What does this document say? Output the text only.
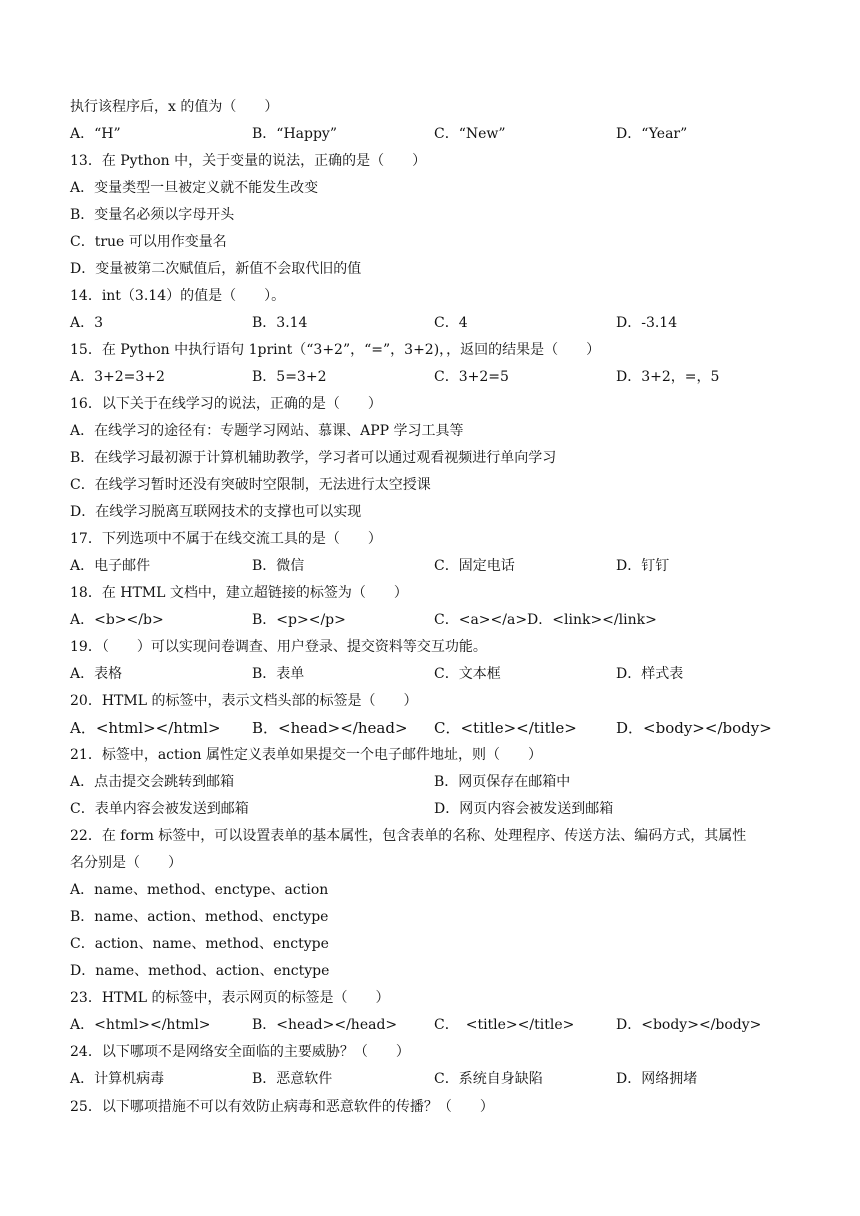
执行该程序后，x 的值为（　　）
A．“H”	B．“Happy”	C．“New”	D．“Year”
13．在 Python 中，关于变量的说法，正确的是（　　）
A．变量类型一旦被定义就不能发生改变
B．变量名必须以字母开头
C．true 可以用作变量名
D．变量被第二次赋值后，新值不会取代旧的值
14．int（3.14）的值是（　　）。
A．3	B．3.14	C．4	D．-3.14
15．在 Python 中执行语句 1print（“3+2”，“=”，3+2)，，返回的结果是（　　）
A．3+2=3+2	B．5=3+2	C．3+2=5	D．3+2，=，5
16．以下关于在线学习的说法，正确的是（　　）
A．在线学习的途径有：专题学习网站、慕课、APP 学习工具等
B．在线学习最初源于计算机辅助教学，学习者可以通过观看视频进行单向学习
C．在线学习暂时还没有突破时空限制，无法进行太空授课
D．在线学习脱离互联网技术的支撑也可以实现
17．下列选项中不属于在线交流工具的是（　　）
A．电子邮件	B．微信	C．固定电话	D．钉钉
18．在 HTML 文档中，建立超链接的标签为（　　）
A．<b></b>	B．<p></p>	C．<a></a>D．<link></link>
19．（　　）可以实现问卷调查、用户登录、提交资料等交互功能。
A．表格	B．表单	C．文本框	D．样式表
20．HTML 的标签中，表示文档头部的标签是（　　）
A．<html></html> B．<head></head> C．<title></title>	D．<body></body>
21．标签中，action 属性定义表单如果提交一个电子邮件地址，则（　　）
A．点击提交会跳转到邮箱	B．网页保存在邮箱中
C．表单内容会被发送到邮箱	D．网页内容会被发送到邮箱
22．在 form 标签中，可以设置表单的基本属性，包含表单的名称、处理程序、传送方法、编码方式，其属性
名分别是（　　）
A．name、method、enctype、action
B．name、action、method、enctype
C．action、name、method、enctype
D．name、method、action、enctype
23．HTML 的标签中，表示网页的标签是（　　）
A．<html></html>	B．<head></head>	C．　<title></title>	D．<body></body>
24．以下哪项不是网络安全面临的主要威胁？（　　）
A．计算机病毒	B．恶意软件	C．系统自身缺陷	D．网络拥堵
25．以下哪项措施不可以有效防止病毒和恶意软件的传播？（　　）
